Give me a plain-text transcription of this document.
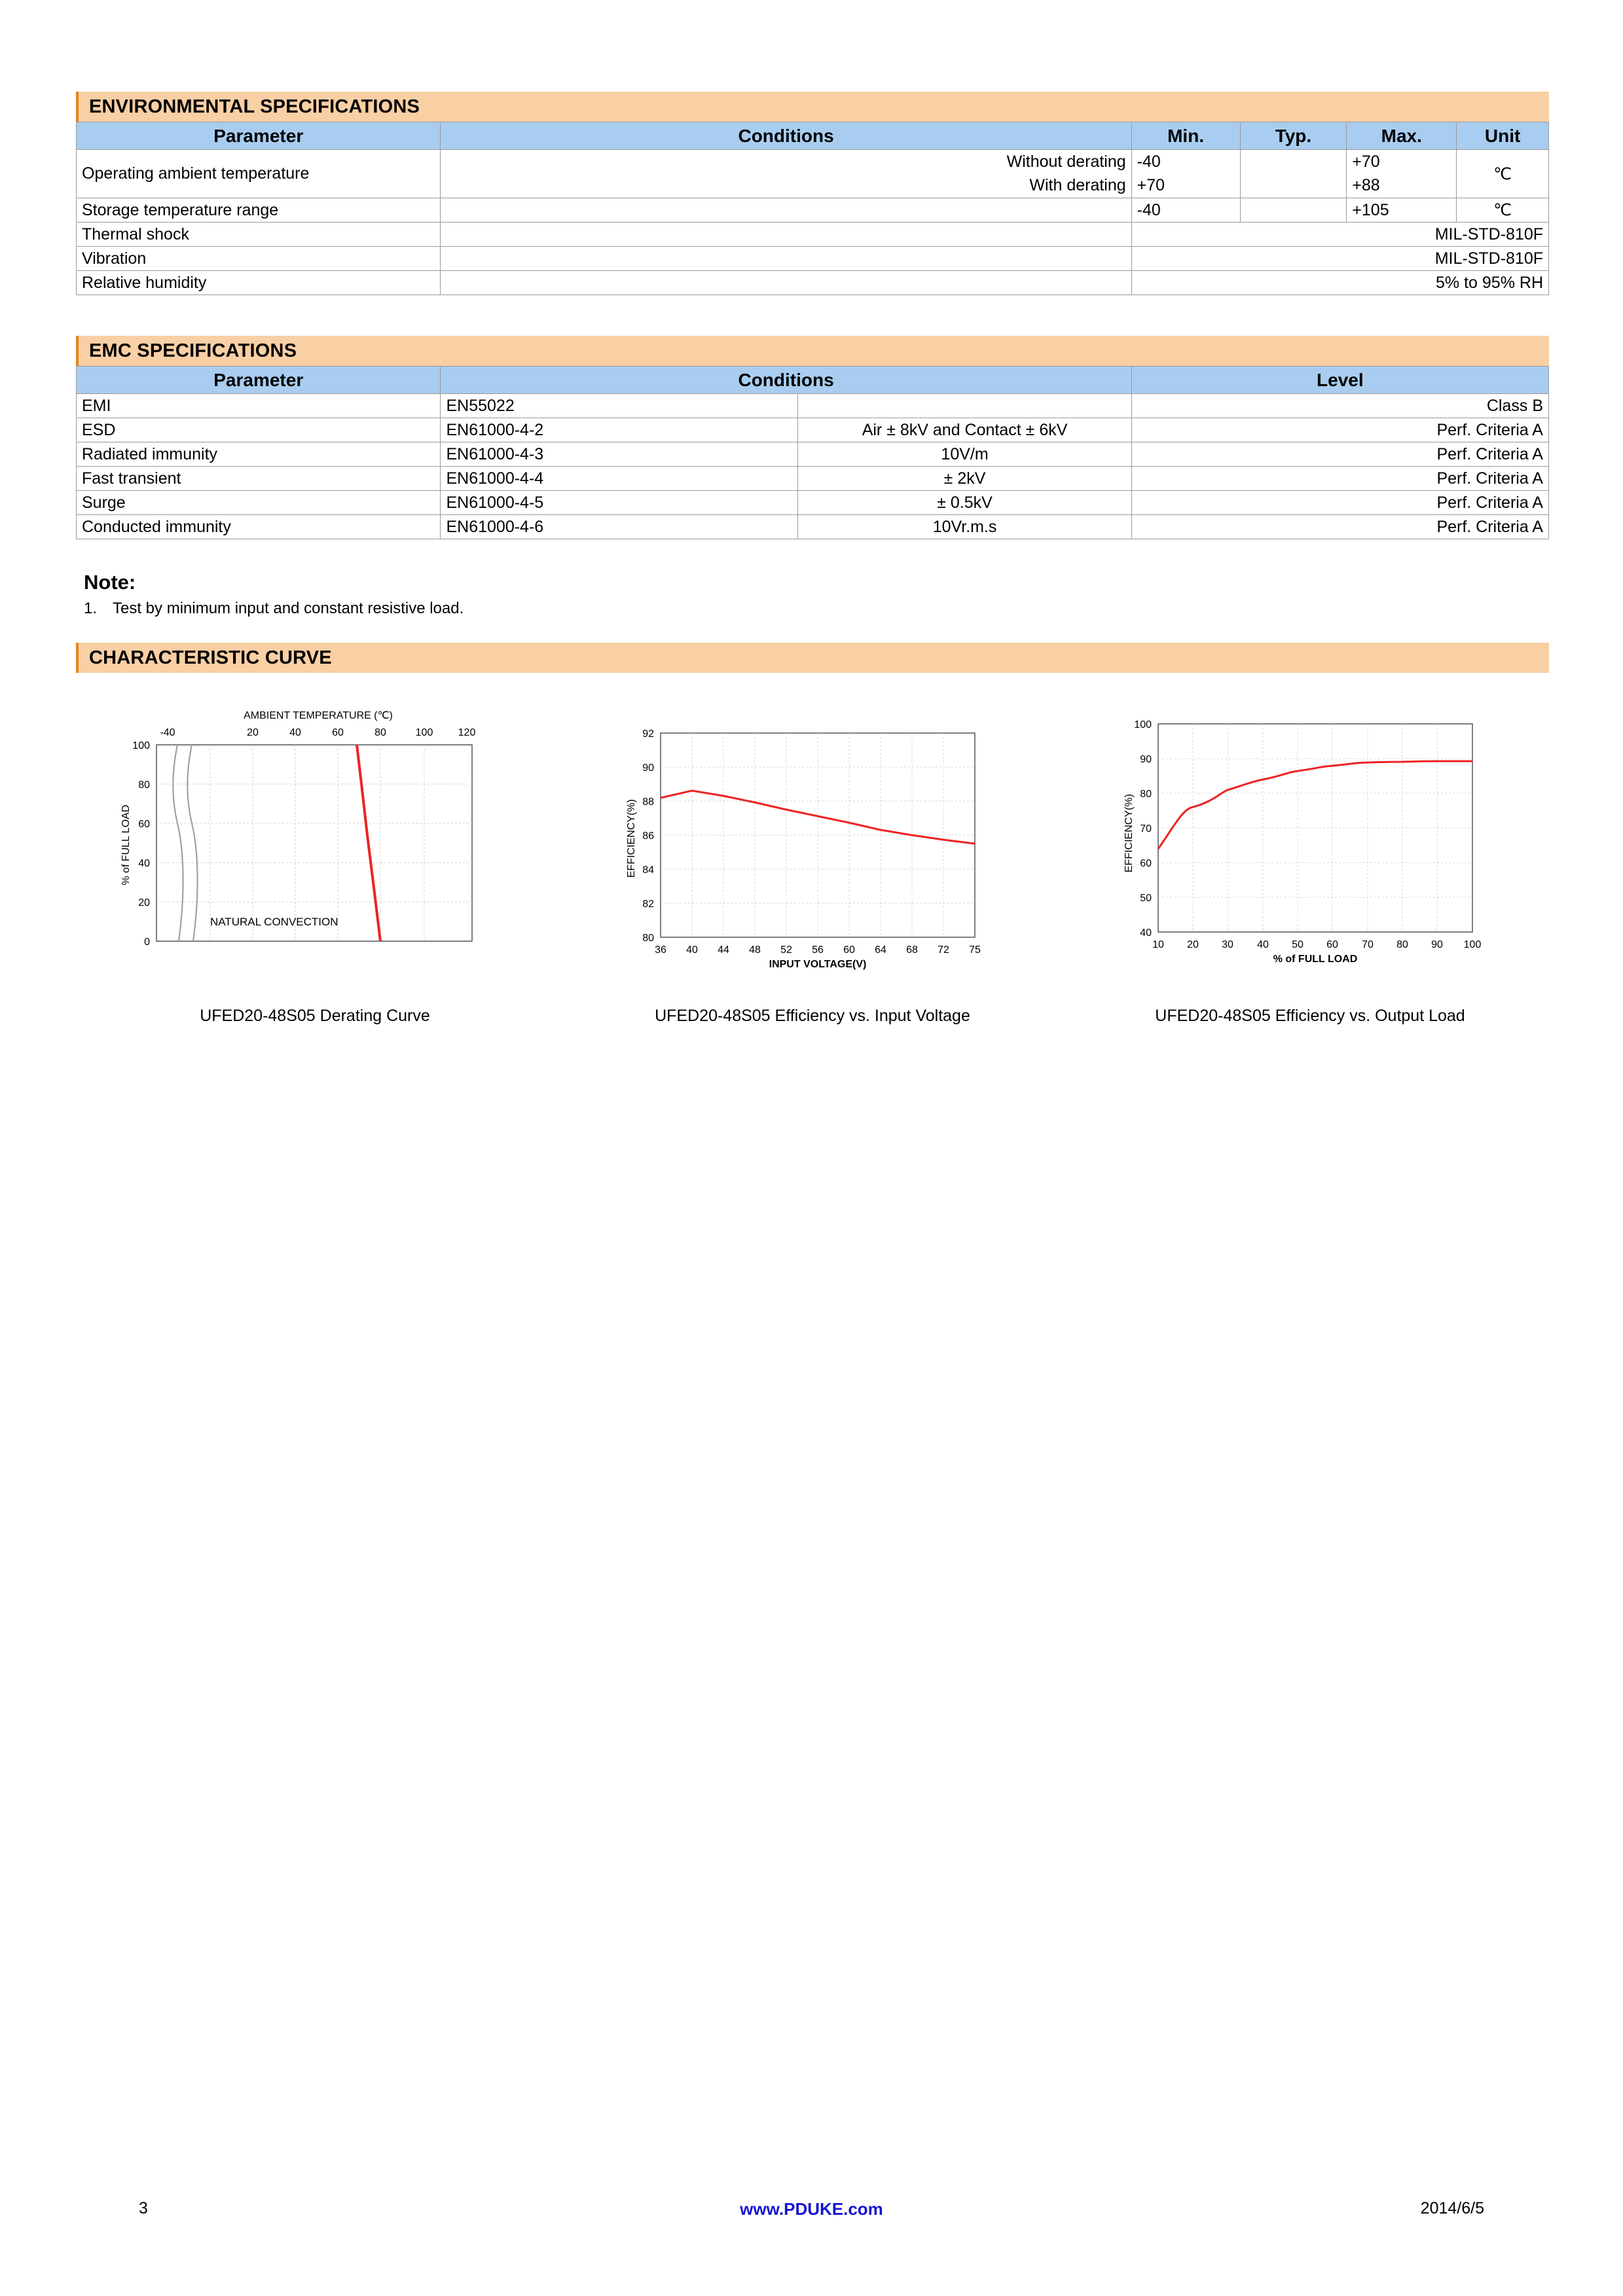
ENVIRONMENTAL SPECIFICATIONS
Parameter	Conditions	Min.	Typ.	Max.	Unit
Operating ambient temperature	Without derating	-40		+70	℃
	With derating	+70		+88	
Storage temperature range		-40		+105	℃
Thermal shock		MIL-STD-810F			
Vibration		MIL-STD-810F			
Relative humidity		5% to 95% RH			
EMC SPECIFICATIONS
Parameter	Conditions		Level
EMI	EN55022		Class B
ESD	EN61000-4-2	Air ± 8kV and Contact ± 6kV	Perf. Criteria A
Radiated immunity	EN61000-4-3	10V/m	Perf. Criteria A
Fast transient	EN61000-4-4	± 2kV	Perf. Criteria A
Surge	EN61000-4-5	± 0.5kV	Perf. Criteria A
Conducted immunity	EN61000-4-6	10Vr.m.s	Perf. Criteria A
Note:
1. Test by minimum input and constant resistive load.
CHARACTERISTIC CURVE
AMBIENT TEMPERATURE (℃)
-40	20	40	60	80	100 120
100
80
60
40
20
0
% of FULL LOAD
NATURAL CONVECTION
UFED20-48S05 Derating Curve
92
90
88
86
84
82
80
EFFICIENCY(%)
36 40 44 48 52 56 60 64 68 72 75
INPUT VOLTAGE(V)
UFED20-48S05 Efficiency vs. Input Voltage
100
90
80
70
60
50
40
EFFICIENCY(%)
10 20 30 40 50 60 70 80 90 100
% of FULL LOAD
UFED20-48S05 Efficiency vs. Output Load
3	www.PDUKE.com	2014/6/5
